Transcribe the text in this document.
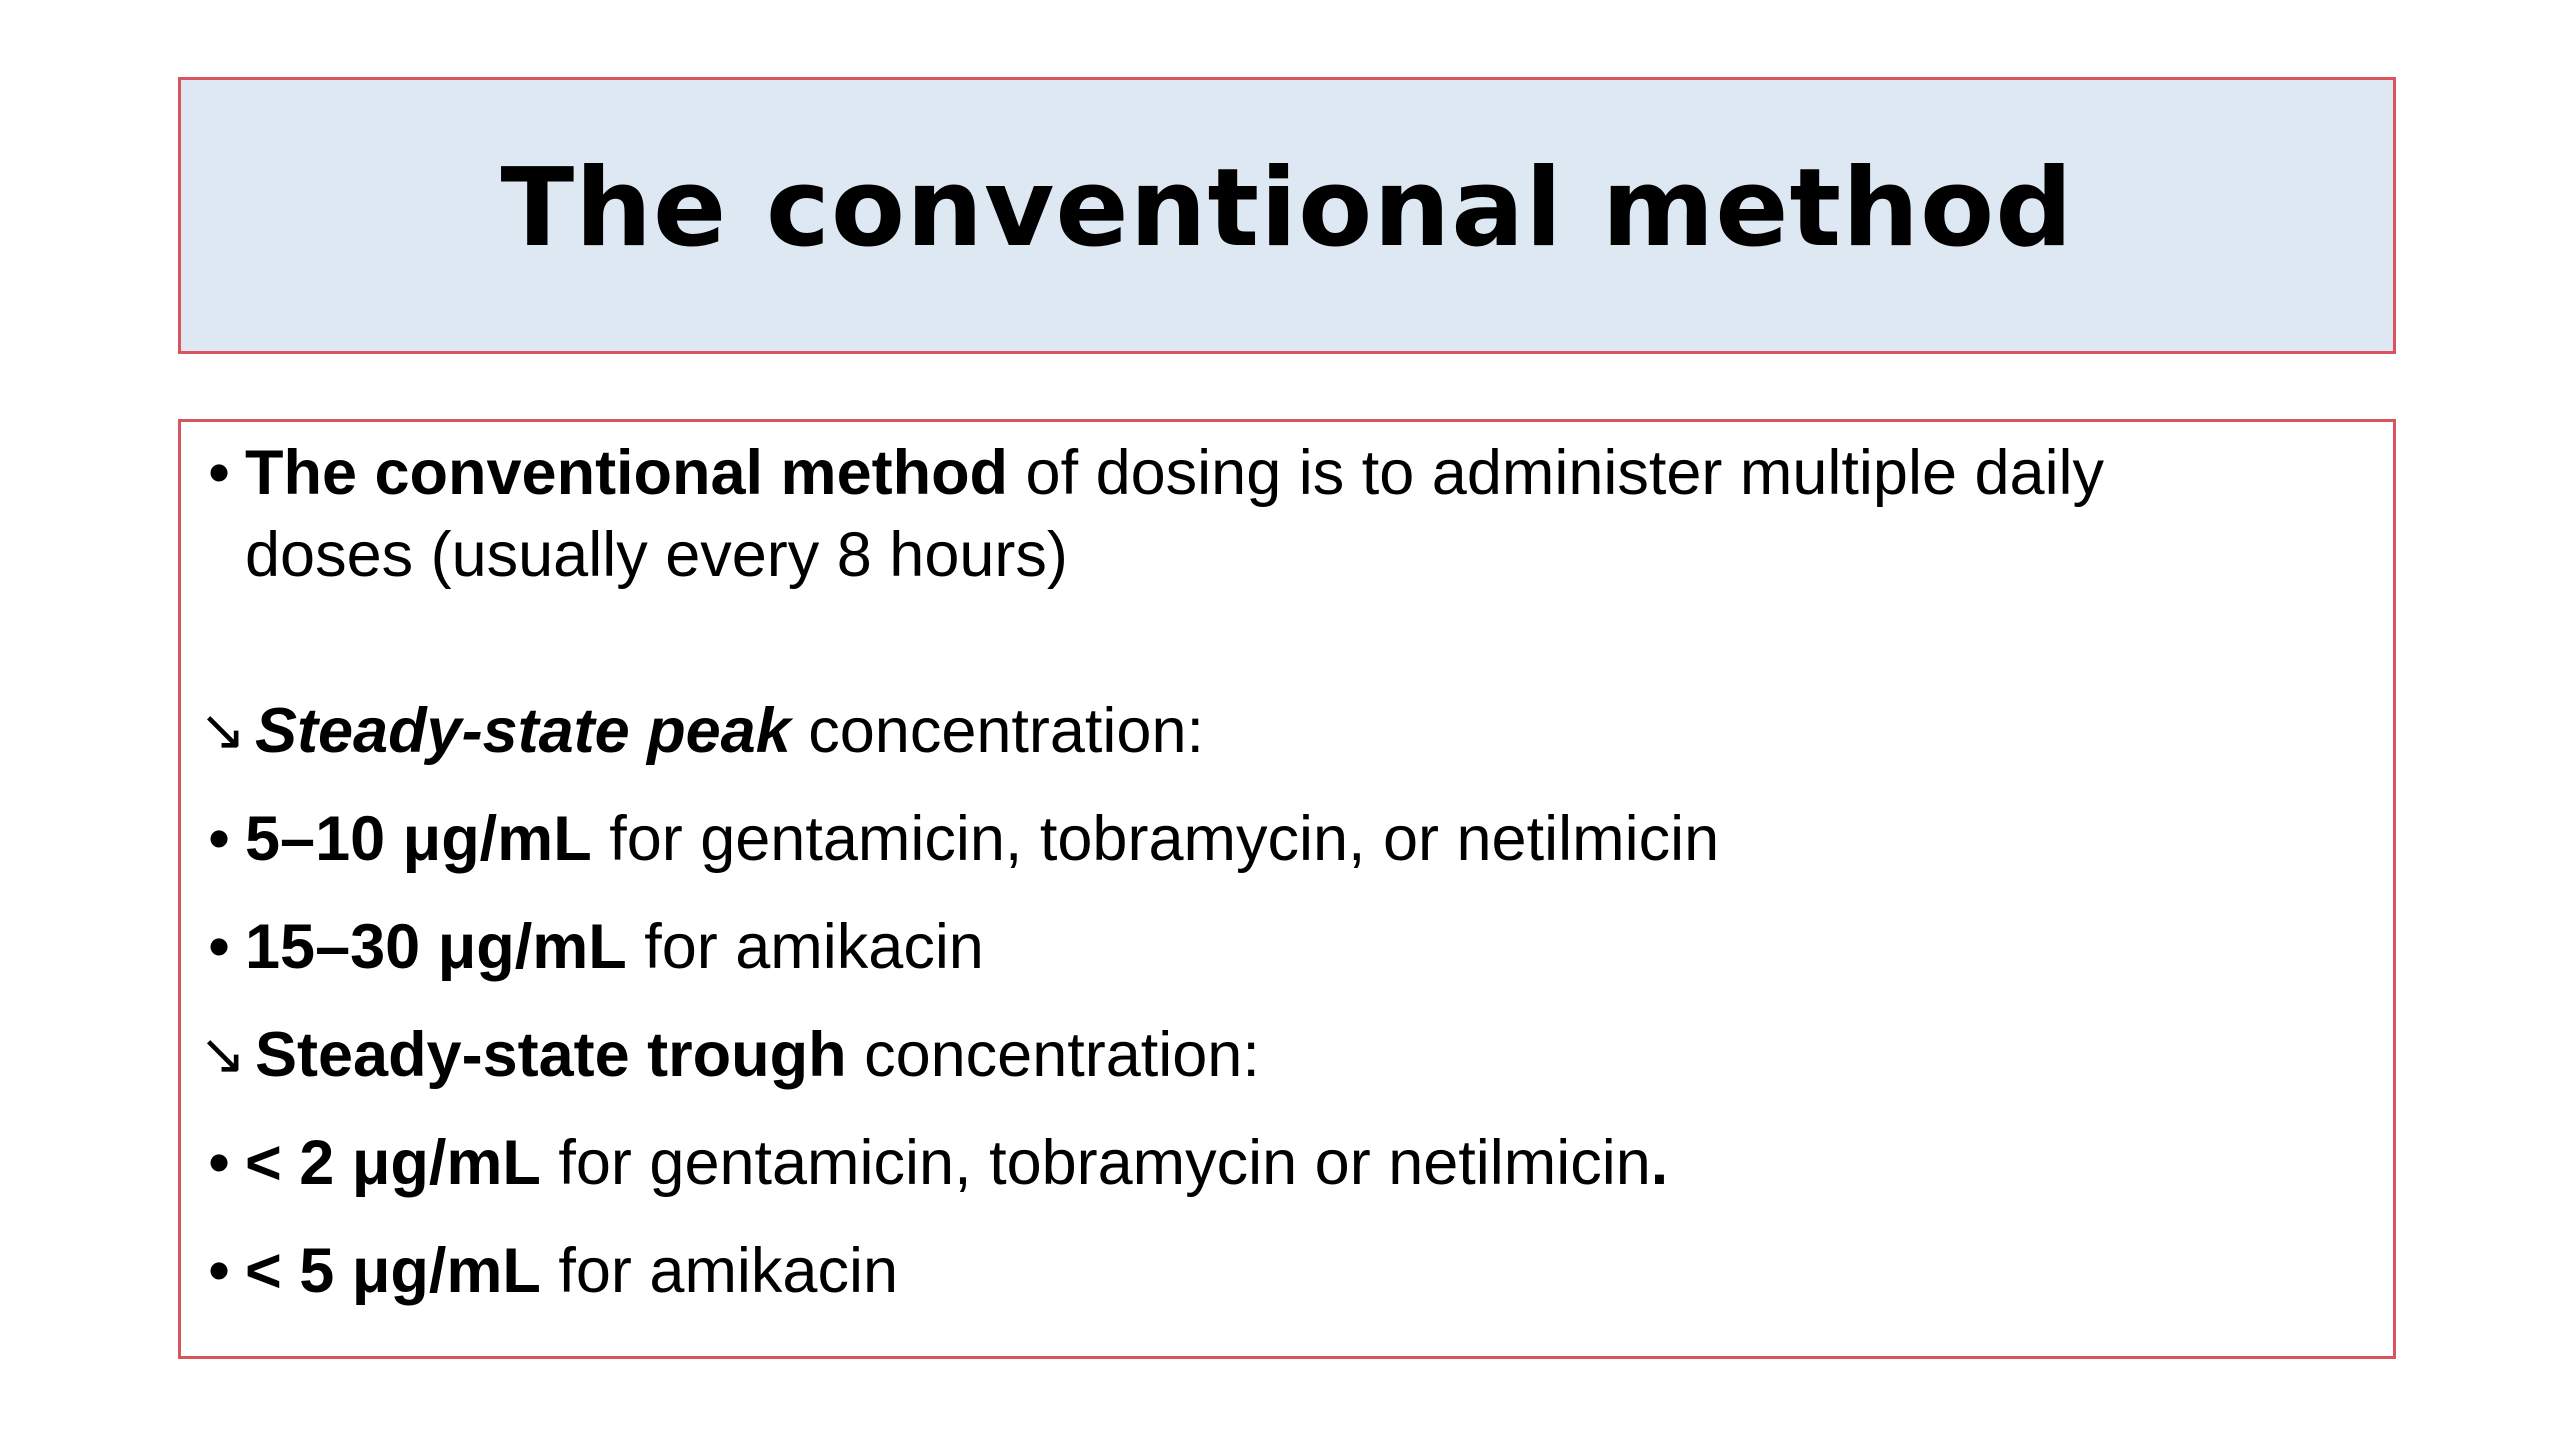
The conventional method
• The conventional method of dosing is to administer multiple daily
doses (usually every 8 hours)
↘ Steady-state peak concentration:
• 5–10 μg/mL for gentamicin, tobramycin, or netilmicin
• 15–30 μg/mL for amikacin
↘ Steady-state trough concentration:
• < 2 μg/mL for gentamicin, tobramycin or netilmicin.
• < 5 μg/mL for amikacin
